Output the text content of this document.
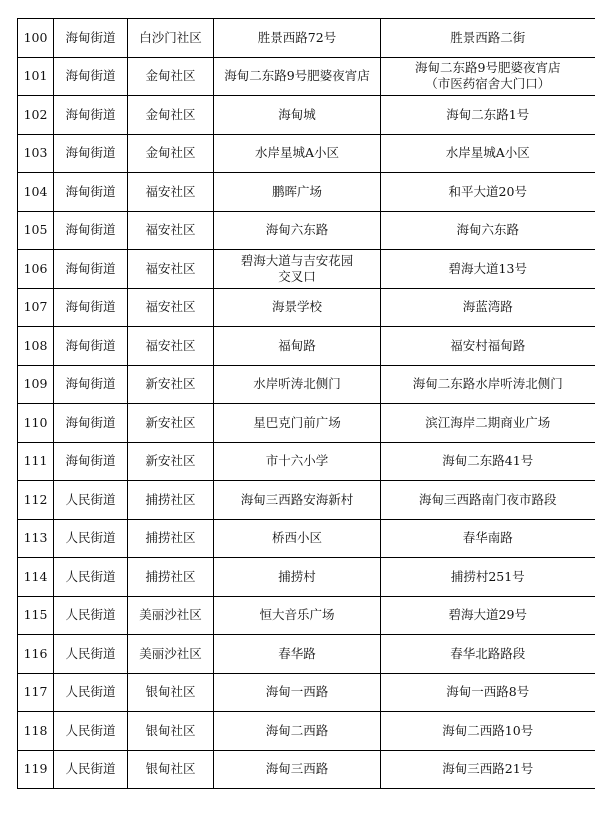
100	海甸街道	白沙门社区	胜景西路72号	胜景西路二街

101	海甸街道	金甸社区	海甸二东路9号肥婆夜宵店	海甸二东路9号肥婆夜宵店
（市医药宿舍大门口）

102	海甸街道	金甸社区	海甸城	海甸二东路1号

103	海甸街道	金甸社区	水岸星城A小区	水岸星城A小区

104	海甸街道	福安社区	鹏晖广场	和平大道20号

105	海甸街道	福安社区	海甸六东路	海甸六东路

106	海甸街道	福安社区	碧海大道与吉安花园
交叉口	碧海大道13号

107	海甸街道	福安社区	海景学校	海蓝湾路

108	海甸街道	福安社区	福甸路	福安村福甸路

109	海甸街道	新安社区	水岸听涛北侧门	海甸二东路水岸听涛北侧门

110	海甸街道	新安社区	星巴克门前广场	滨江海岸二期商业广场

111	海甸街道	新安社区	市十六小学	海甸二东路41号

112	人民街道	捕捞社区	海甸三西路安海新村	海甸三西路南门夜市路段

113	人民街道	捕捞社区	桥西小区	春华南路

114	人民街道	捕捞社区	捕捞村	捕捞村251号

115	人民街道	美丽沙社区	恒大音乐广场	碧海大道29号

116	人民街道	美丽沙社区	春华路	春华北路路段

117	人民街道	银甸社区	海甸一西路	海甸一西路8号

118	人民街道	银甸社区	海甸二西路	海甸二西路10号

119	人民街道	银甸社区	海甸三西路	海甸三西路21号
